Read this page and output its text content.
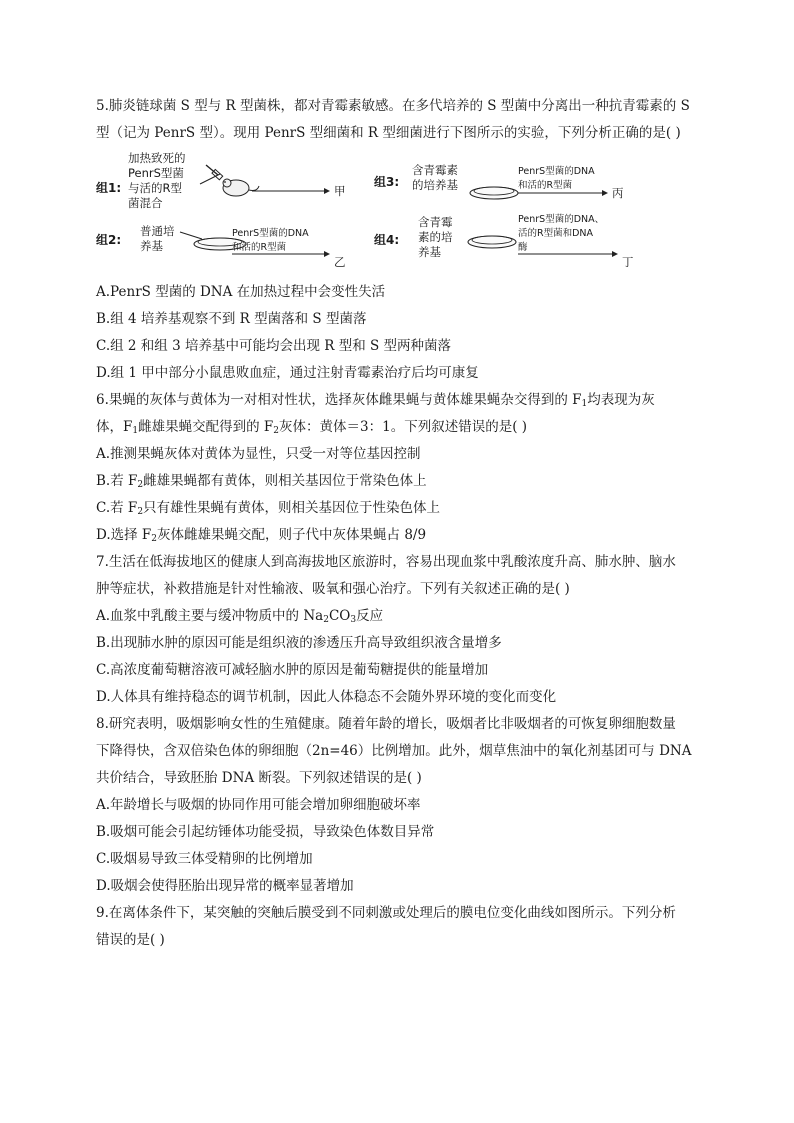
5.肺炎链球菌 S 型与 R 型菌株，都对青霉素敏感。在多代培养的 S 型菌中分离出一种抗青霉素的 S
型（记为 PenrS 型）。现用 PenrS 型细菌和 R 型细菌进行下图所示的实验，下列分析正确的是( )
组1:
加热致死的
PenrS型菌
与活的R型
菌混合
甲
组2:
普通培
养基
PenrS型菌的DNA
和活的R型菌
乙
组3:
含青霉素
的培养基
PenrS型菌的DNA
和活的R型菌
丙
组4:
含青霉
素的培
养基
PenrS型菌的DNA、
活的R型菌和DNA
酶
丁
A.PenrS 型菌的 DNA 在加热过程中会变性失活
B.组 4 培养基观察不到 R 型菌落和 S 型菌落
C.组 2 和组 3 培养基中可能均会出现 R 型和 S 型两种菌落
D.组 1 甲中部分小鼠患败血症，通过注射青霉素治疗后均可康复
6.果蝇的灰体与黄体为一对相对性状，选择灰体雌果蝇与黄体雄果蝇杂交得到的 $F_1$均表现为灰
体，$F_1$雌雄果蝇交配得到的 $F_2$灰体：黄体＝3：1。下列叙述错误的是( )
A.推测果蝇灰体对黄体为显性，只受一对等位基因控制
B.若 $F_2$雌雄果蝇都有黄体，则相关基因位于常染色体上
C.若 $F_2$只有雄性果蝇有黄体，则相关基因位于性染色体上
D.选择 $F_2$灰体雌雄果蝇交配，则子代中灰体果蝇占 8/9
7.生活在低海拔地区的健康人到高海拔地区旅游时，容易出现血浆中乳酸浓度升高、肺水肿、脑水
肿等症状，补救措施是针对性输液、吸氧和强心治疗。下列有关叙述正确的是( )
A.血浆中乳酸主要与缓冲物质中的 $Na_2CO_3$反应
B.出现肺水肿的原因可能是组织液的渗透压升高导致组织液含量增多
C.高浓度葡萄糖溶液可减轻脑水肿的原因是葡萄糖提供的能量增加
D.人体具有维持稳态的调节机制，因此人体稳态不会随外界环境的变化而变化
8.研究表明，吸烟影响女性的生殖健康。随着年龄的增长，吸烟者比非吸烟者的可恢复卵细胞数量
下降得快，含双倍染色体的卵细胞（2n=46）比例增加。此外，烟草焦油中的氧化剂基团可与 DNA
共价结合，导致胚胎 DNA 断裂。下列叙述错误的是( )
A.年龄增长与吸烟的协同作用可能会增加卵细胞破坏率
B.吸烟可能会引起纺锤体功能受损，导致染色体数目异常
C.吸烟易导致三体受精卵的比例增加
D.吸烟会使得胚胎出现异常的概率显著增加
9.在离体条件下，某突触的突触后膜受到不同刺激或处理后的膜电位变化曲线如图所示。下列分析
错误的是( )
